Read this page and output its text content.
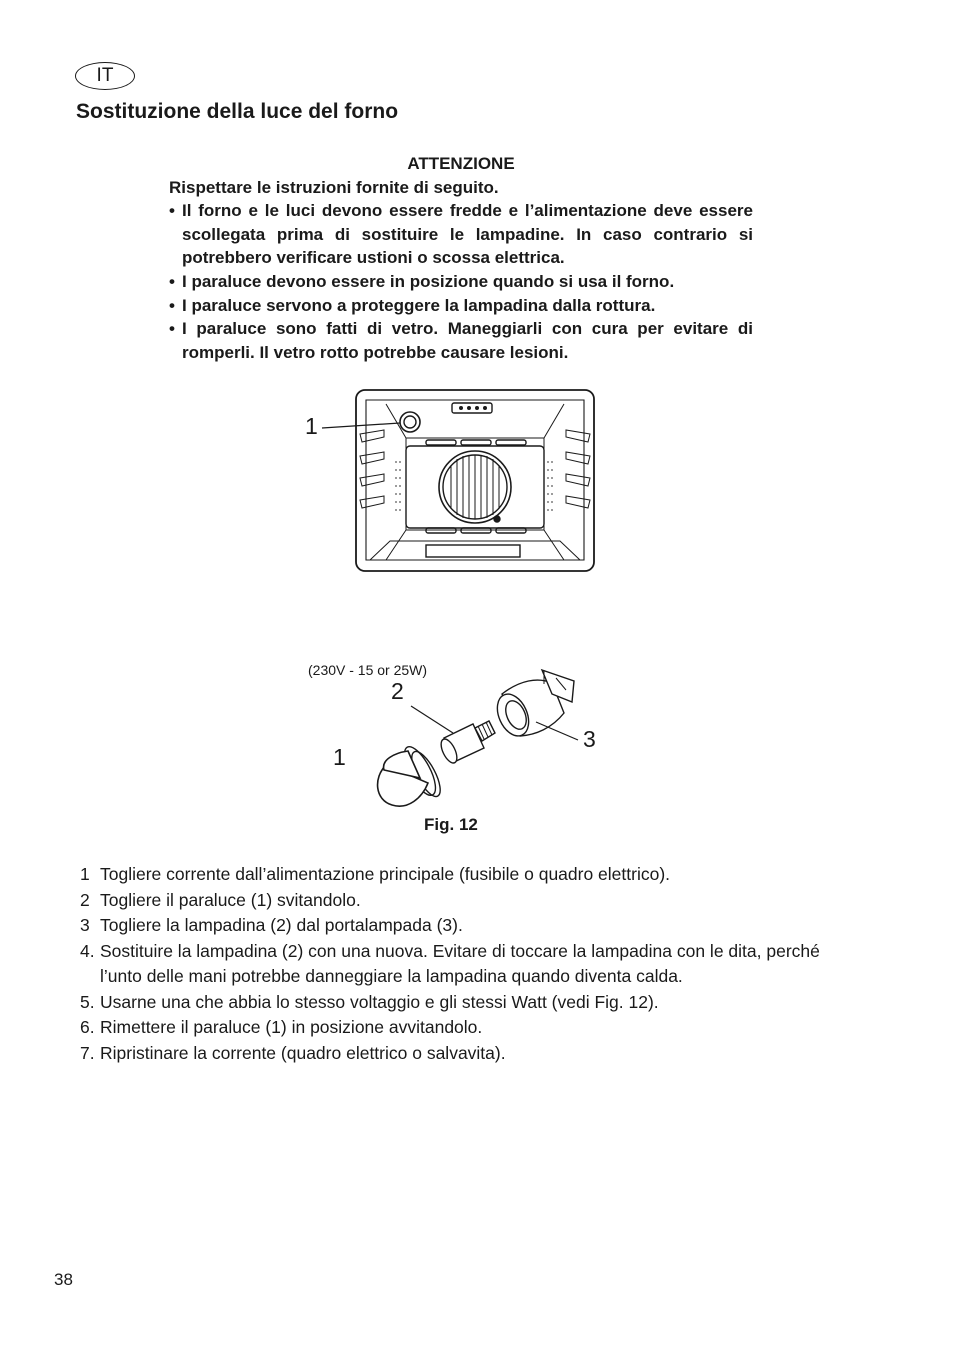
IT
Sostituzione della luce del forno
ATTENZIONE
Rispettare le istruzioni fornite di seguito.
• Il forno e le luci devono essere fredde e l’alimentazione deve essere scollegata prima di sostituire le lampadine. In caso contrario si potrebbero verificare ustioni o scossa elettrica.
• I paraluce devono essere in posizione quando si usa il forno.
• I paraluce servono a proteggere la lampadina dalla rottura.
• I paraluce sono fatti di vetro. Maneggiarli con cura per evitare di romperli. Il vetro rotto potrebbe causare lesioni.
1
(230V - 15 or 25W)
2
1
3
Fig. 12
1 Togliere corrente dall’alimentazione principale (fusibile o quadro elettrico).
2 Togliere il paraluce (1) svitandolo.
3 Togliere la lampadina (2) dal portalampada (3).
4. Sostituire la lampadina (2) con una nuova. Evitare di toccare la lampadina con le dita, perché l’unto delle mani potrebbe danneggiare la lampadina quando diventa calda.
5. Usarne una che abbia lo stesso voltaggio e gli stessi Watt (vedi Fig. 12).
6. Rimettere il paraluce (1) in posizione avvitandolo.
7. Ripristinare la corrente (quadro elettrico o salvavita).
38
